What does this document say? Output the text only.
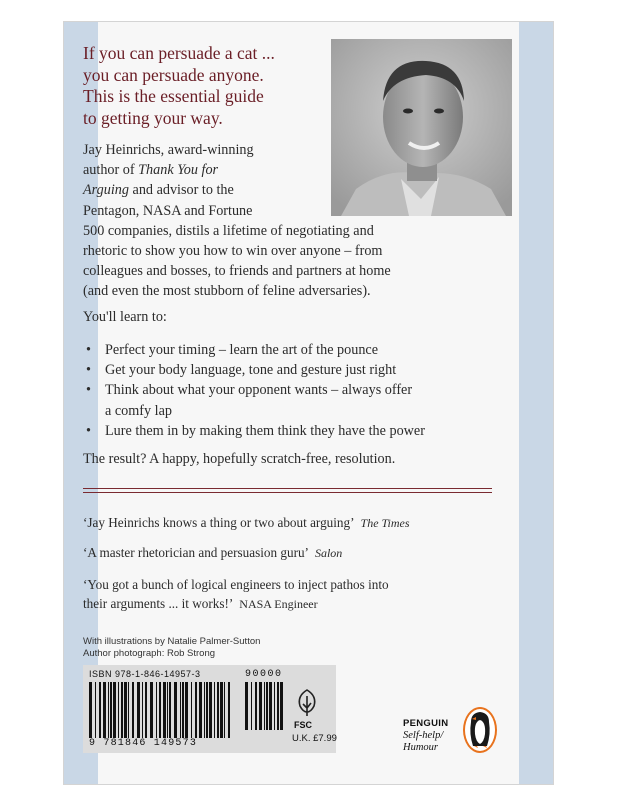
If you can persuade a cat ...
you can persuade anyone.
This is the essential guide
to getting your way.
Jay Heinrichs, award-winning
author of Thank You for
Arguing and advisor to the
Pentagon, NASA and Fortune
500 companies, distils a lifetime of negotiating and
rhetoric to show you how to win over anyone – from
colleagues and bosses, to friends and partners at home
(and even the most stubborn of feline adversaries).

You'll learn to:

• Perfect your timing – learn the art of the pounce
• Get your body language, tone and gesture just right
• Think about what your opponent wants – always offer
a comfy lap
• Lure them in by making them think they have the power

The result? A happy, hopefully scratch-free, resolution.

‘Jay Heinrichs knows a thing or two about arguing’ The Times
‘A master rhetorician and persuasion guru’ Salon
‘You got a bunch of logical engineers to inject pathos into
their arguments ... it works!’ NASA Engineer
With illustrations by Natalie Palmer-Sutton
Author photograph: Rob Strong
ISBN 978-1-846-14957-3	90000
9 781846 149573
FSC
U.K. £7.99
PENGUIN
Self-help/
Humour
